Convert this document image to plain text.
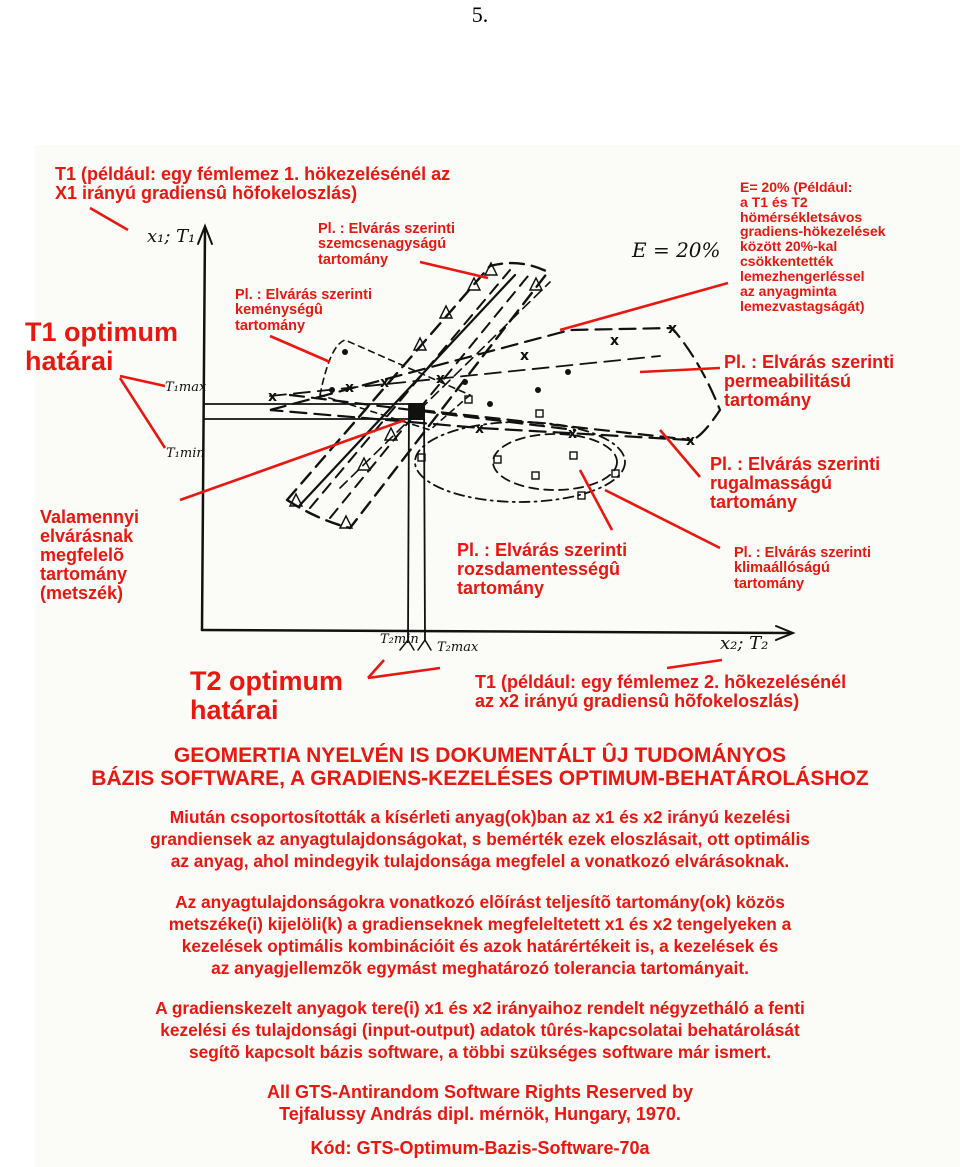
5.
x
x
x
x
x
x
x	x	x
x
x₁; T₁
x₂; T₂
E = 20%
T₁max
T₁min
T₂min
T₂max
T1 (például: egy fémlemez 1. hökezelésénél az
X1 irányú gradiensû hõfokeloszlás)
Pl. : Elvárás szerinti
szemcsenagyságú
tartomány
Pl. : Elvárás szerinti
keménységû
tartomány
T1 optimum
határai
E= 20% (Például:
a T1 és T2
hömérsékletsávos
gradiens-hökezelések
között 20%-kal
csökkentették
lemezhengerléssel
az anyagminta
lemezvastagságát)
Pl. : Elvárás szerinti
permeabilitású
tartomány
Pl. : Elvárás szerinti
rugalmasságú
tartomány
Valamennyi
elvárásnak
megfelelõ
tartomány
(metszék)
Pl. : Elvárás szerinti
rozsdamentességû
tartomány
Pl. : Elvárás szerinti
klimaállóságú
tartomány
T2 optimum
határai
T1 (például: egy fémlemez 2. hõkezelésénél
az x2 irányú gradiensû hõfokeloszlás)
GEOMERTIA NYELVÉN IS DOKUMENTÁLT ÛJ TUDOMÁNYOS
BÁZIS SOFTWARE, A GRADIENS-KEZELÉSES OPTIMUM-BEHATÁROLÁSHOZ
Miután csoportosították a kísérleti anyag(ok)ban az x1 és x2 irányú kezelési
grandiensek az anyagtulajdonságokat, s bemérték ezek eloszlásait, ott optimális
az anyag, ahol mindegyik tulajdonsága megfelel a vonatkozó elvárásoknak.
Az anyagtulajdonságokra vonatkozó elõírást teljesítõ tartomány(ok) közös
metszéke(i) kijelöli(k) a gradienseknek megfeleltetett x1 és x2 tengelyeken a
kezelések optimális kombinációit és azok határértékeit is, a kezelések és
az anyagjellemzõk egymást meghatározó tolerancia tartományait.
A gradienskezelt anyagok tere(i) x1 és x2 irányaihoz rendelt négyzetháló a fenti
kezelési és tulajdonsági (input-output) adatok tûrés-kapcsolatai behatárolását
segítõ kapcsolt bázis software, a többi szükséges software már ismert.
All GTS-Antirandom Software Rights Reserved by
Tejfalussy András dipl. mérnök, Hungary, 1970.
Kód: GTS-Optimum-Bazis-Software-70a
